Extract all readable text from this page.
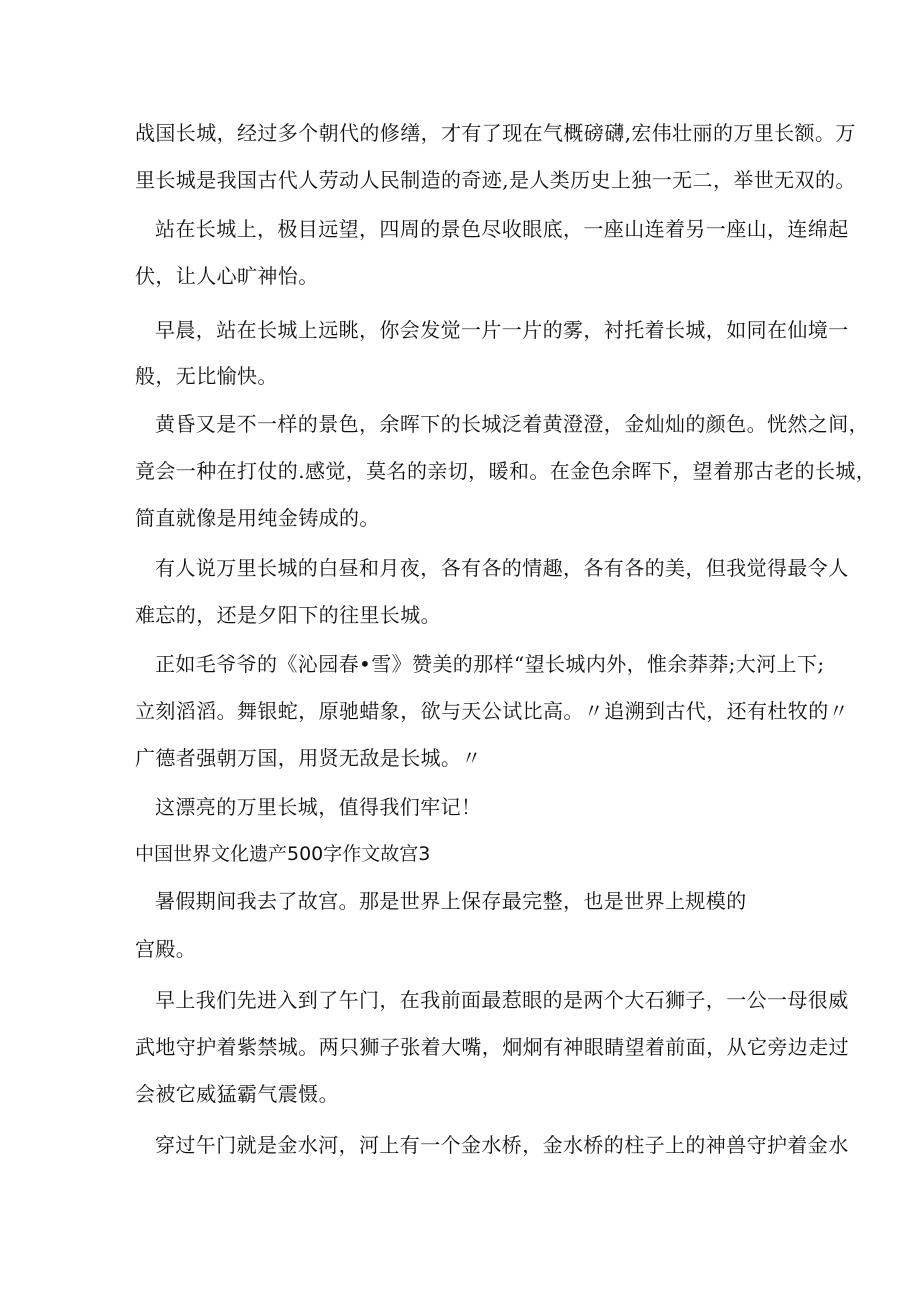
战国长城，经过多个朝代的修缮，才有了现在气概磅礴,宏伟壮丽的万里长额。万
里长城是我国古代人劳动人民制造的奇迹,是人类历史上独一无二，举世无双的。
站在长城上，极目远望，四周的景色尽收眼底，一座山连着另一座山，连绵起
伏，让人心旷神怡。
早晨，站在长城上远眺，你会发觉一片一片的雾，衬托着长城，如同在仙境一
般，无比愉快。
黄昏又是不一样的景色，余晖下的长城泛着黄澄澄，金灿灿的颜色。恍然之间，
竟会一种在打仗的.感觉，莫名的亲切，暖和。在金色余晖下，望着那古老的长城，
简直就像是用纯金铸成的。
有人说万里长城的白昼和月夜，各有各的情趣，各有各的美，但我觉得最令人
难忘的，还是夕阳下的往里长城。
正如毛爷爷的《沁园春•雪》赞美的那样“望长城内外，惟余莽莽;大河上下;
立刻滔滔。舞银蛇，原驰蜡象，欲与天公试比高。〃追溯到古代，还有杜牧的〃
广德者强朝万国，用贤无敌是长城。〃
这漂亮的万里长城，值得我们牢记！
中国世界文化遗产500字作文故宫3
暑假期间我去了故宫。那是世界上保存最完整，也是世界上规模的
宫殿。
早上我们先进入到了午门，在我前面最惹眼的是两个大石狮子，一公一母很威
武地守护着紫禁城。两只狮子张着大嘴，炯炯有神眼睛望着前面，从它旁边走过
会被它威猛霸气震慑。
穿过午门就是金水河，河上有一个金水桥，金水桥的柱子上的神兽守护着金水
